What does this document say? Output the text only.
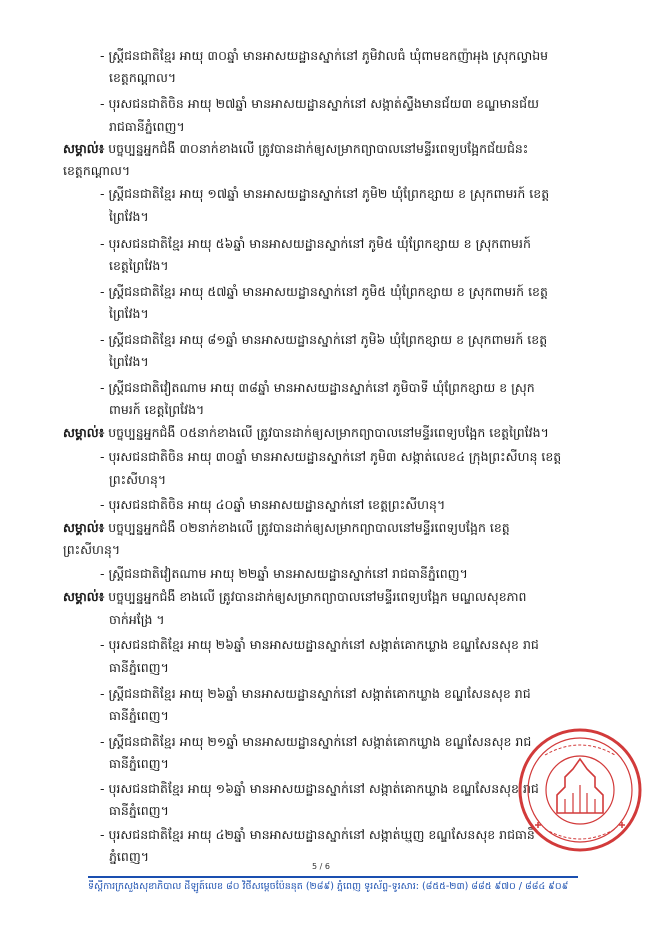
- ស្ត្រីជនជាតិខ្មែរ អាយុ ៣០ឆ្នាំ មានអាសយដ្ឋានស្នាក់នៅ ភូមិវាលធំ ឃុំពាមឧកញ៉ាអុង ស្រុកល្វាឯម
ខេត្តកណ្ដាល។
- បុរសជនជាតិចិន អាយុ ២៧ឆ្នាំ មានអាសយដ្ឋានស្នាក់នៅ សង្កាត់ស្ទឹងមានជ័យ៣ ខណ្ឌមានជ័យ
រាជធានីភ្នំពេញ។
សម្គាល់៖ បច្ចុប្បន្នអ្នកជំងឺ ៣០នាក់ខាងលើ ត្រូវបានដាក់ឲ្យសម្រាកព្យាបាលនៅមន្ទីរពេទ្យបង្អែកជ័យជំនះ
ខេត្តកណ្ដាល។
- ស្ត្រីជនជាតិខ្មែរ អាយុ ១៧ឆ្នាំ មានអាសយដ្ឋានស្នាក់នៅ ភូមិ២ ឃុំព្រែកខ្សាយ ខ ស្រុកពាមរក៍ ខេត្ត
ព្រៃវែង។
- បុរសជនជាតិខ្មែរ អាយុ ៥៦ឆ្នាំ មានអាសយដ្ឋានស្នាក់នៅ ភូមិ៥ ឃុំព្រែកខ្សាយ ខ ស្រុកពាមរក៍
ខេត្តព្រៃវែង។
- ស្ត្រីជនជាតិខ្មែរ អាយុ ៥៧ឆ្នាំ មានអាសយដ្ឋានស្នាក់នៅ ភូមិ៥ ឃុំព្រែកខ្សាយ ខ ស្រុកពាមរក៍ ខេត្ត
ព្រៃវែង។
- ស្ត្រីជនជាតិខ្មែរ អាយុ ៨១ឆ្នាំ មានអាសយដ្ឋានស្នាក់នៅ ភូមិ៦ ឃុំព្រែកខ្សាយ ខ ស្រុកពាមរក៍ ខេត្ត
ព្រៃវែង។
- ស្ត្រីជនជាតិវៀតណាម អាយុ ៣៨ឆ្នាំ មានអាសយដ្ឋានស្នាក់នៅ ភូមិបាទី ឃុំព្រែកខ្សាយ ខ ស្រុក
ពាមរក៍ ខេត្តព្រៃវែង។
សម្គាល់៖ បច្ចុប្បន្នអ្នកជំងឺ ០៥នាក់ខាងលើ ត្រូវបានដាក់ឲ្យសម្រាកព្យាបាលនៅមន្ទីរពេទ្យបង្អែក ខេត្តព្រៃវែង។
- បុរសជនជាតិចិន អាយុ ៣០ឆ្នាំ មានអាសយដ្ឋានស្នាក់នៅ ភូមិ៣ សង្កាត់លេខ៤ ក្រុងព្រះសីហនុ ខេត្ត
ព្រះសីហនុ។
- បុរសជនជាតិចិន អាយុ ៤០ឆ្នាំ មានអាសយដ្ឋានស្នាក់នៅ ខេត្តព្រះសីហនុ។
សម្គាល់៖ បច្ចុប្បន្នអ្នកជំងឺ ០២នាក់ខាងលើ ត្រូវបានដាក់ឲ្យសម្រាកព្យាបាលនៅមន្ទីរពេទ្យបង្អែក ខេត្ត
ព្រះសីហនុ។
- ស្ត្រីជនជាតិវៀតណាម អាយុ ២២ឆ្នាំ មានអាសយដ្ឋានស្នាក់នៅ រាជធានីភ្នំពេញ។
សម្គាល់៖ បច្ចុប្បន្នអ្នកជំងឺ ខាងលើ ត្រូវបានដាក់ឲ្យសម្រាកព្យាបាលនៅមន្ទីរពេទ្យបង្អែក មណ្ឌលសុខភាព
ចាក់អង្រែ ។
- បុរសជនជាតិខ្មែរ អាយុ ២៦ឆ្នាំ មានអាសយដ្ឋានស្នាក់នៅ សង្កាត់គោកឃ្លាង ខណ្ឌសែនសុខ រាជ
ធានីភ្នំពេញ។
- ស្ត្រីជនជាតិខ្មែរ អាយុ ២៦ឆ្នាំ មានអាសយដ្ឋានស្នាក់នៅ សង្កាត់គោកឃ្លាង ខណ្ឌសែនសុខ រាជ
ធានីភ្នំពេញ។
- ស្ត្រីជនជាតិខ្មែរ អាយុ ២១ឆ្នាំ មានអាសយដ្ឋានស្នាក់នៅ សង្កាត់គោកឃ្លាង ខណ្ឌសែនសុខ រាជ
ធានីភ្នំពេញ។
- បុរសជនជាតិខ្មែរ អាយុ ១៦ឆ្នាំ មានអាសយដ្ឋានស្នាក់នៅ សង្កាត់គោកឃ្លាង ខណ្ឌសែនសុខ រាជ
ធានីភ្នំពេញ។
- បុរសជនជាតិខ្មែរ អាយុ ៤២ឆ្នាំ មានអាសយដ្ឋានស្នាក់នៅ សង្កាត់ឃ្មួញ ខណ្ឌសែនសុខ រាជធានី
ភ្នំពេញ។
5 / 6
ទីស្តីការក្រសួងសុខាភិបាល ដីឡូត៍លេខ ៨០ វិថីសម្តេចប៉ែននុត (២៨៩) ភ្នំពេញ ទូរស័ព្ទ-ទូរសារ: (៨៥៥-២៣) ៨៨៥ ៩៧០ / ៨៨៤ ៩០៩
